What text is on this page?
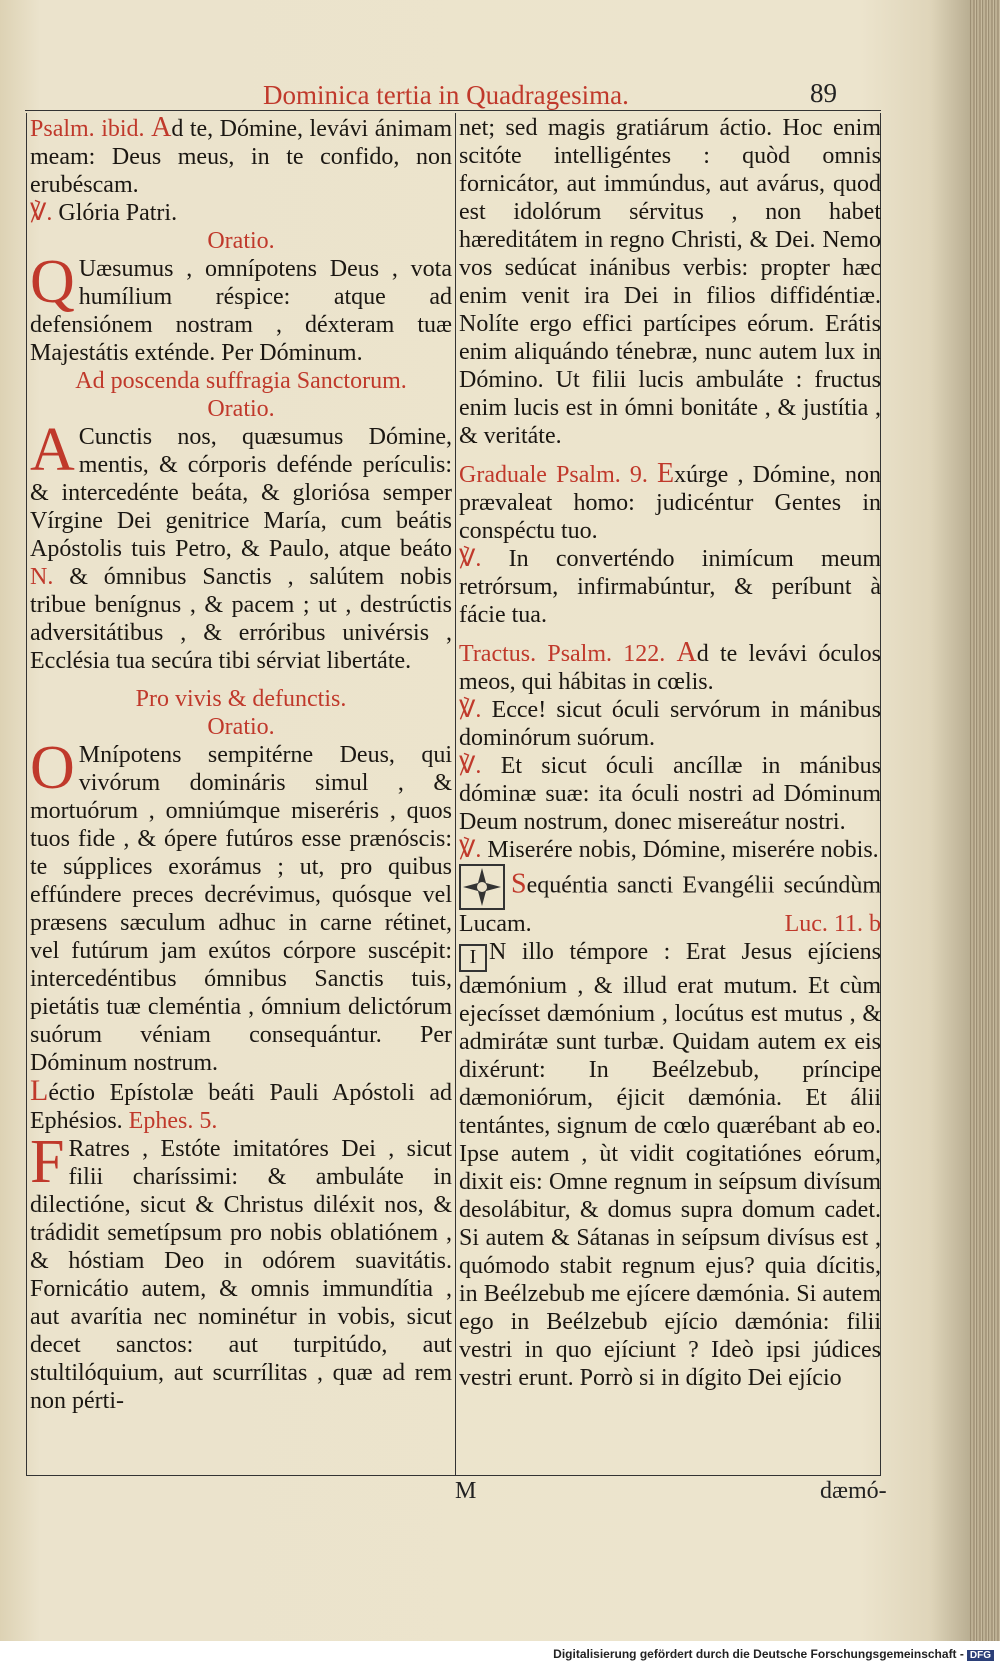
Dominica tertia in Quadragesima.	89

Psalm. ibid. Ad te, Dómine, levávi ánimam meam: Deus meus, in te confido, non erubéscam.

℣. Glória Patri.

Oratio.

Q Uæsumus , omnípotens Deus , vota humílium réspice: atque ad defensiónem nostram , déxteram tuæ Majestátis exténde. Per Dóminum.

Ad poscenda suffragia Sanctorum.

Oratio.

A Cunctis nos, quæsumus Dómine, mentis, & córporis defénde perículis: & intercedénte beáta, & gloriósa semper Vírgine Dei genitrice María, cum beátis Apóstolis tuis Petro, & Paulo, atque beáto N. & ómnibus Sanctis , salútem nobis tribue benígnus , & pacem ; ut , destrúctis adversitátibus , & erróribus univérsis , Ecclésia tua secúra tibi sérviat libertáte.

Pro vivis & defunctis.

Oratio.

O Mnípotens sempitérne Deus, qui vivórum domináris simul , & mortuórum , omniúmque miseréris , quos tuos fide , & ópere futúros esse prænóscis: te súpplices exorámus ; ut, pro quibus effúndere preces decrévimus, quósque vel præsens sæculum adhuc in carne rétinet, vel futúrum jam exútos córpore suscépit: intercedéntibus ómnibus Sanctis tuis, pietátis tuæ cleméntia , ómnium delictórum suórum véniam consequántur. Per Dóminum nostrum.

Léctio Epístolæ beáti Pauli Apóstoli ad Ephésios. Ephes. 5.

F Ratres , Estóte imitatóres Dei , sicut filii charíssimi: & ambuláte in dilectióne, sicut & Christus diléxit nos, & trádidit semetípsum pro nobis oblatiónem , & hóstiam Deo in odórem suavitátis. Fornicátio autem, & omnis immundítia , aut avarítia nec nominétur in vobis, sicut decet sanctos: aut turpitúdo, aut stultilóquium, aut scurrílitas , quæ ad rem non pérti-

net; sed magis gratiárum áctio. Hoc enim scitóte intelligéntes : quòd omnis fornicátor, aut immúndus, aut avárus, quod est idolórum sérvitus , non habet hæreditátem in regno Christi, & Dei. Nemo vos sedúcat inánibus verbis: propter hæc enim venit ira Dei in filios diffidéntiæ. Nolíte ergo effici partícipes eórum. Erátis enim aliquándo ténebræ, nunc autem lux in Dómino. Ut filii lucis ambuláte : fructus enim lucis est in ómni bonitáte , & justítia , & veritáte.

Graduale Psalm. 9. Exúrge , Dómine, non prævaleat homo: judicéntur Gentes in conspéctu tuo.

℣. In converténdo inimícum meum retrórsum, infirmabúntur, & períbunt à fácie tua.

Tractus. Psalm. 122. Ad te levávi óculos meos, qui hábitas in cœlis.

℣. Ecce! sicut óculi servórum in mánibus dominórum suórum.

℣. Et sicut óculi ancíllæ in mánibus dóminæ suæ: ita óculi nostri ad Dóminum Deum nostrum, donec misereátur nostri.

℣. Miserére nobis, Dómine, miserére nobis.

Sequéntia sancti Evangélii secúndùm Lucam.	Luc. 11. b

I N illo témpore : Erat Jesus ejíciens dæmónium , & illud erat mutum. Et cùm ejecísset dæmónium , locútus est mutus , & admirátæ sunt turbæ. Quidam autem ex eis dixérunt: In Beélzebub, príncipe dæmoniórum, éjicit dæmónia. Et álii tentántes, signum de cœlo quærébant ab eo. Ipse autem , ùt vidit cogitatiónes eórum, dixit eis: Omne regnum in seípsum divísum desolábitur, & domus supra domum cadet. Si autem & Sátanas in seípsum divísus est , quómodo stabit regnum ejus? quia dícitis, in Beélzebub me ejícere dæmónia. Si autem ego in Beélzebub ejício dæmónia: filii vestri in quo ejíciunt ? Ideò ipsi júdices vestri erunt. Porrò si in dígito Dei ejício

M	dæmó-
Digitalisierung gefördert durch die Deutsche Forschungsgemeinschaft - DFG
